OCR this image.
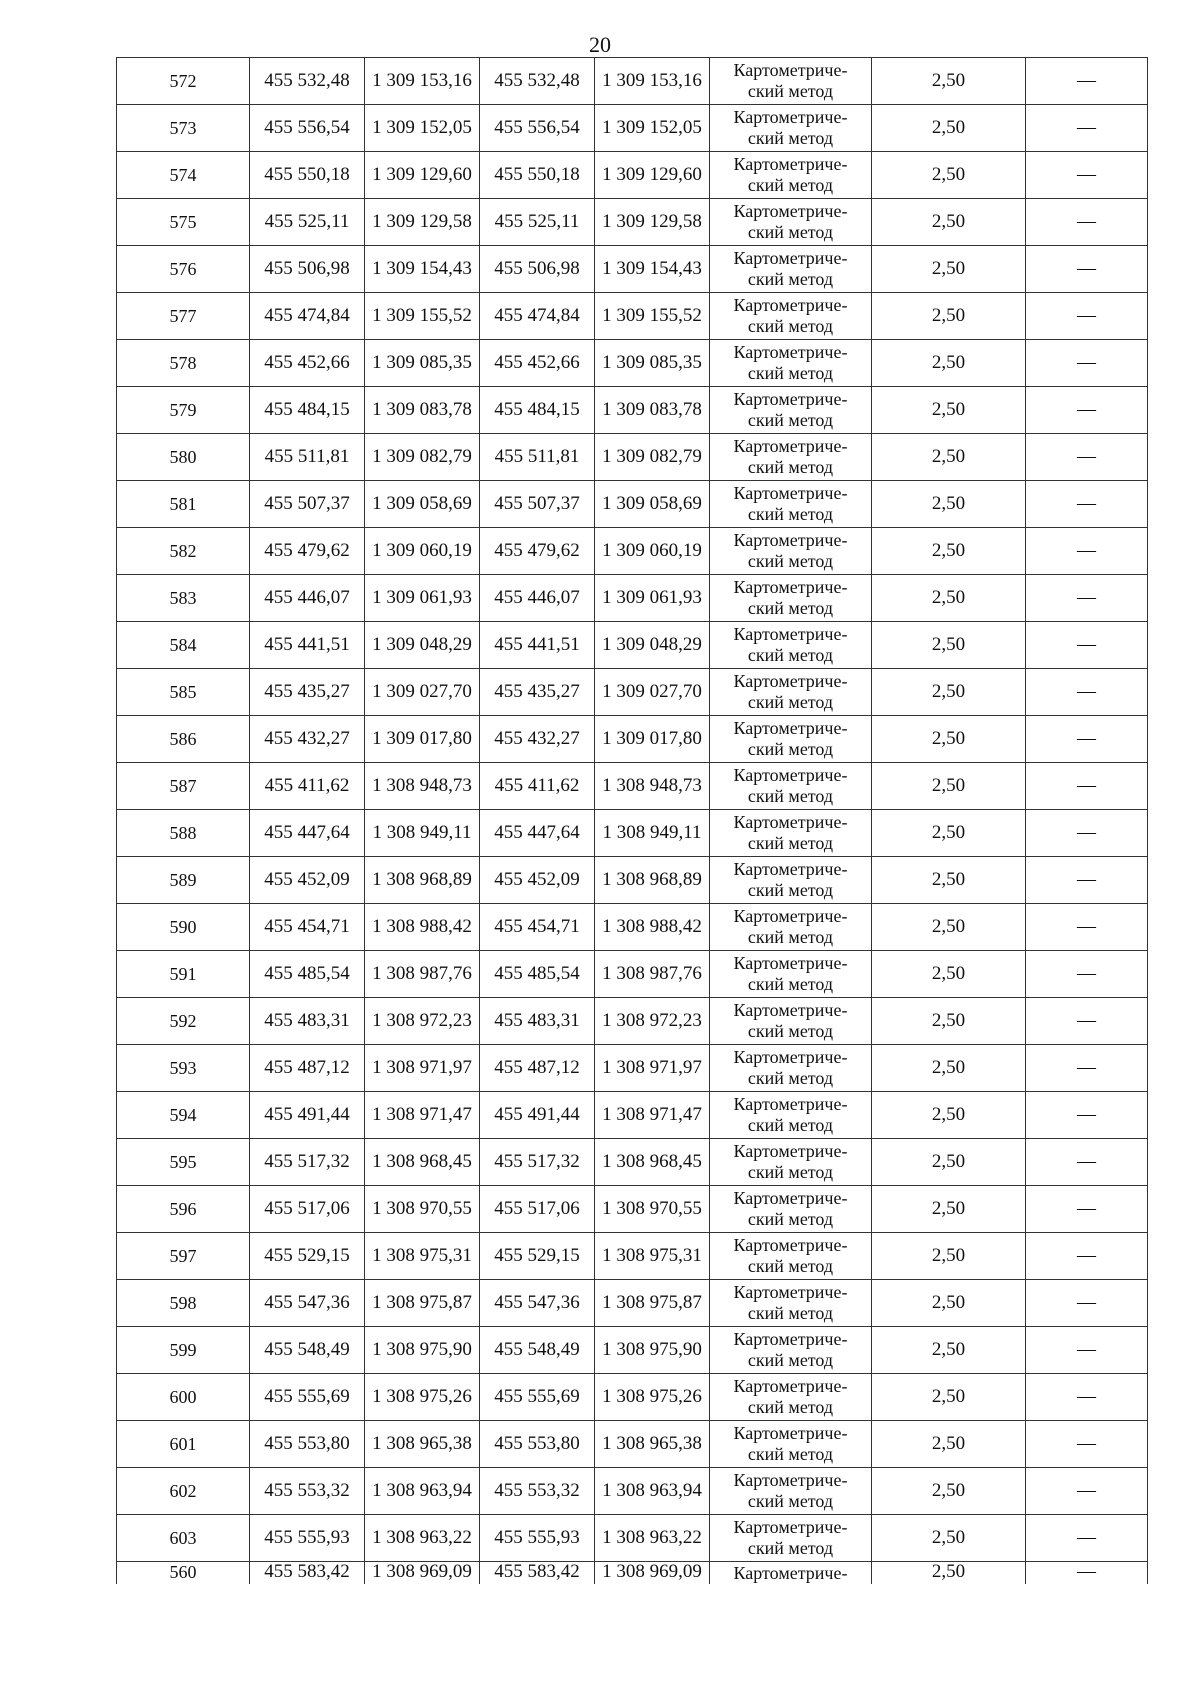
20
572	455 532,48	1 309 153,16	455 532,48	1 309 153,16	Картометриче-
ский метод	2,50	—
573	455 556,54	1 309 152,05	455 556,54	1 309 152,05	Картометриче-
ский метод	2,50	—
574	455 550,18	1 309 129,60	455 550,18	1 309 129,60	Картометриче-
ский метод	2,50	—
575	455 525,11	1 309 129,58	455 525,11	1 309 129,58	Картометриче-
ский метод	2,50	—
576	455 506,98	1 309 154,43	455 506,98	1 309 154,43	Картометриче-
ский метод	2,50	—
577	455 474,84	1 309 155,52	455 474,84	1 309 155,52	Картометриче-
ский метод	2,50	—
578	455 452,66	1 309 085,35	455 452,66	1 309 085,35	Картометриче-
ский метод	2,50	—
579	455 484,15	1 309 083,78	455 484,15	1 309 083,78	Картометриче-
ский метод	2,50	—
580	455 511,81	1 309 082,79	455 511,81	1 309 082,79	Картометриче-
ский метод	2,50	—
581	455 507,37	1 309 058,69	455 507,37	1 309 058,69	Картометриче-
ский метод	2,50	—
582	455 479,62	1 309 060,19	455 479,62	1 309 060,19	Картометриче-
ский метод	2,50	—
583	455 446,07	1 309 061,93	455 446,07	1 309 061,93	Картометриче-
ский метод	2,50	—
584	455 441,51	1 309 048,29	455 441,51	1 309 048,29	Картометриче-
ский метод	2,50	—
585	455 435,27	1 309 027,70	455 435,27	1 309 027,70	Картометриче-
ский метод	2,50	—
586	455 432,27	1 309 017,80	455 432,27	1 309 017,80	Картометриче-
ский метод	2,50	—
587	455 411,62	1 308 948,73	455 411,62	1 308 948,73	Картометриче-
ский метод	2,50	—
588	455 447,64	1 308 949,11	455 447,64	1 308 949,11	Картометриче-
ский метод	2,50	—
589	455 452,09	1 308 968,89	455 452,09	1 308 968,89	Картометриче-
ский метод	2,50	—
590	455 454,71	1 308 988,42	455 454,71	1 308 988,42	Картометриче-
ский метод	2,50	—
591	455 485,54	1 308 987,76	455 485,54	1 308 987,76	Картометриче-
ский метод	2,50	—
592	455 483,31	1 308 972,23	455 483,31	1 308 972,23	Картометриче-
ский метод	2,50	—
593	455 487,12	1 308 971,97	455 487,12	1 308 971,97	Картометриче-
ский метод	2,50	—
594	455 491,44	1 308 971,47	455 491,44	1 308 971,47	Картометриче-
ский метод	2,50	—
595	455 517,32	1 308 968,45	455 517,32	1 308 968,45	Картометриче-
ский метод	2,50	—
596	455 517,06	1 308 970,55	455 517,06	1 308 970,55	Картометриче-
ский метод	2,50	—
597	455 529,15	1 308 975,31	455 529,15	1 308 975,31	Картометриче-
ский метод	2,50	—
598	455 547,36	1 308 975,87	455 547,36	1 308 975,87	Картометриче-
ский метод	2,50	—
599	455 548,49	1 308 975,90	455 548,49	1 308 975,90	Картометриче-
ский метод	2,50	—
600	455 555,69	1 308 975,26	455 555,69	1 308 975,26	Картометриче-
ский метод	2,50	—
601	455 553,80	1 308 965,38	455 553,80	1 308 965,38	Картометриче-
ский метод	2,50	—
602	455 553,32	1 308 963,94	455 553,32	1 308 963,94	Картометриче-
ский метод	2,50	—
603	455 555,93	1 308 963,22	455 555,93	1 308 963,22	Картометриче-
ский метод	2,50	—
560	455 583,42	1 308 969,09	455 583,42	1 308 969,09	Картометриче-	2,50	—
